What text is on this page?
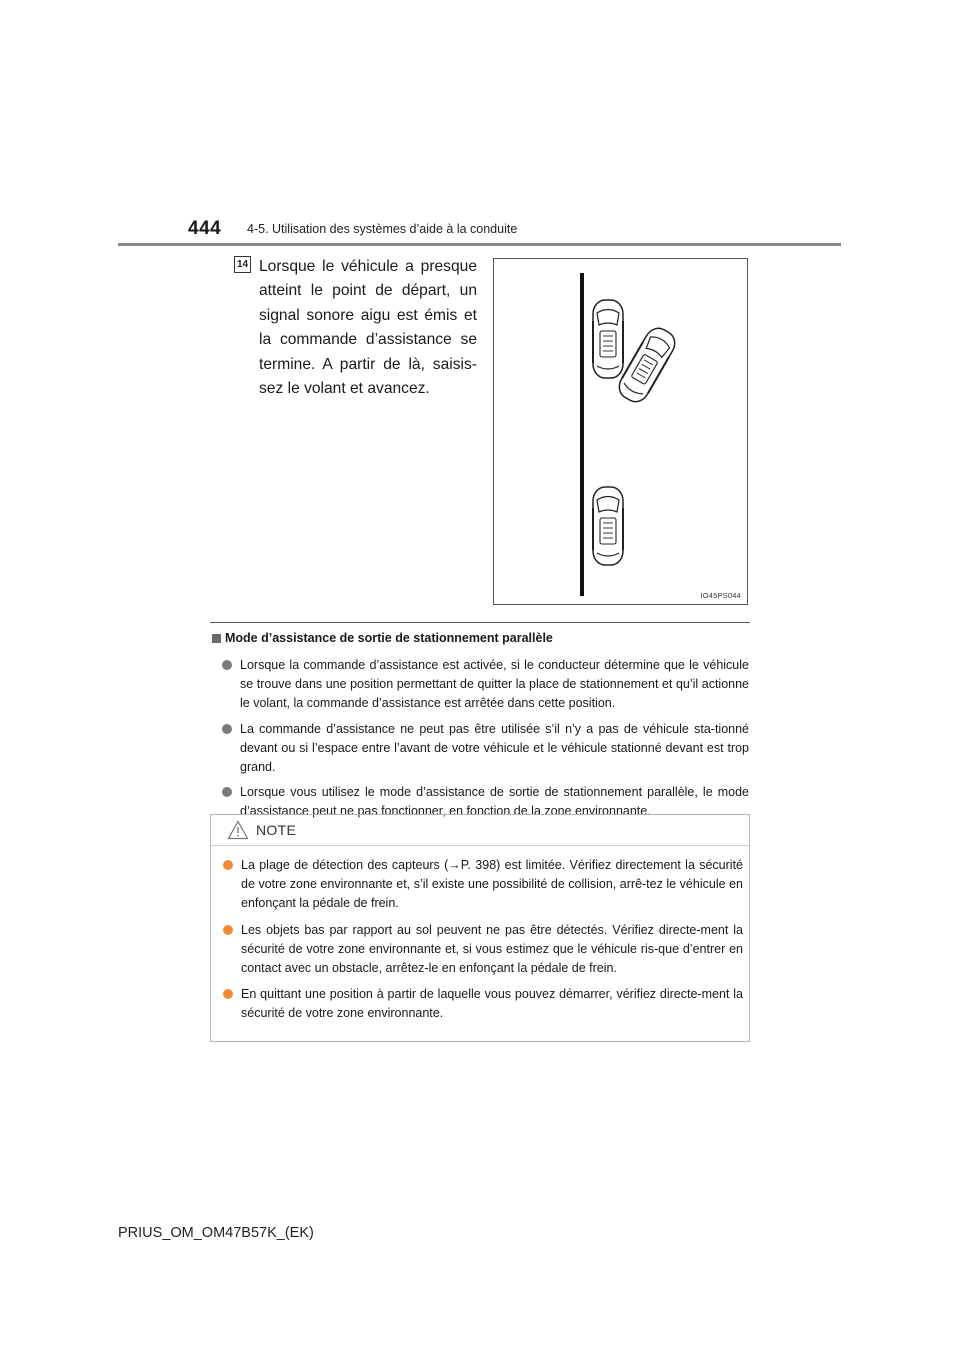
444 4-5. Utilisation des systèmes d’aide à la conduite
14 Lorsque le véhicule a presque atteint le point de départ, un signal sonore aigu est émis et la commande d’assistance se termine. A partir de là, saisis-sez le volant et avancez.
IO45PS044
Mode d’assistance de sortie de stationnement parallèle
Lorsque la commande d’assistance est activée, si le conducteur détermine que le véhicule se trouve dans une position permettant de quitter la place de stationnement et qu’il actionne le volant, la commande d’assistance est arrêtée dans cette position.
La commande d’assistance ne peut pas être utilisée s’il n’y a pas de véhicule sta-tionné devant ou si l’espace entre l’avant de votre véhicule et le véhicule stationné devant est trop grand.
Lorsque vous utilisez le mode d’assistance de sortie de stationnement parallèle, le mode d’assistance peut ne pas fonctionner, en fonction de la zone environnante.
NOTE
La plage de détection des capteurs (→P. 398) est limitée. Vérifiez directement la sécurité de votre zone environnante et, s’il existe une possibilité de collision, arrê-tez le véhicule en enfonçant la pédale de frein.
Les objets bas par rapport au sol peuvent ne pas être détectés. Vérifiez directe-ment la sécurité de votre zone environnante et, si vous estimez que le véhicule ris-que d’entrer en contact avec un obstacle, arrêtez-le en enfonçant la pédale de frein.
En quittant une position à partir de laquelle vous pouvez démarrer, vérifiez directe-ment la sécurité de votre zone environnante.
PRIUS_OM_OM47B57K_(EK)
